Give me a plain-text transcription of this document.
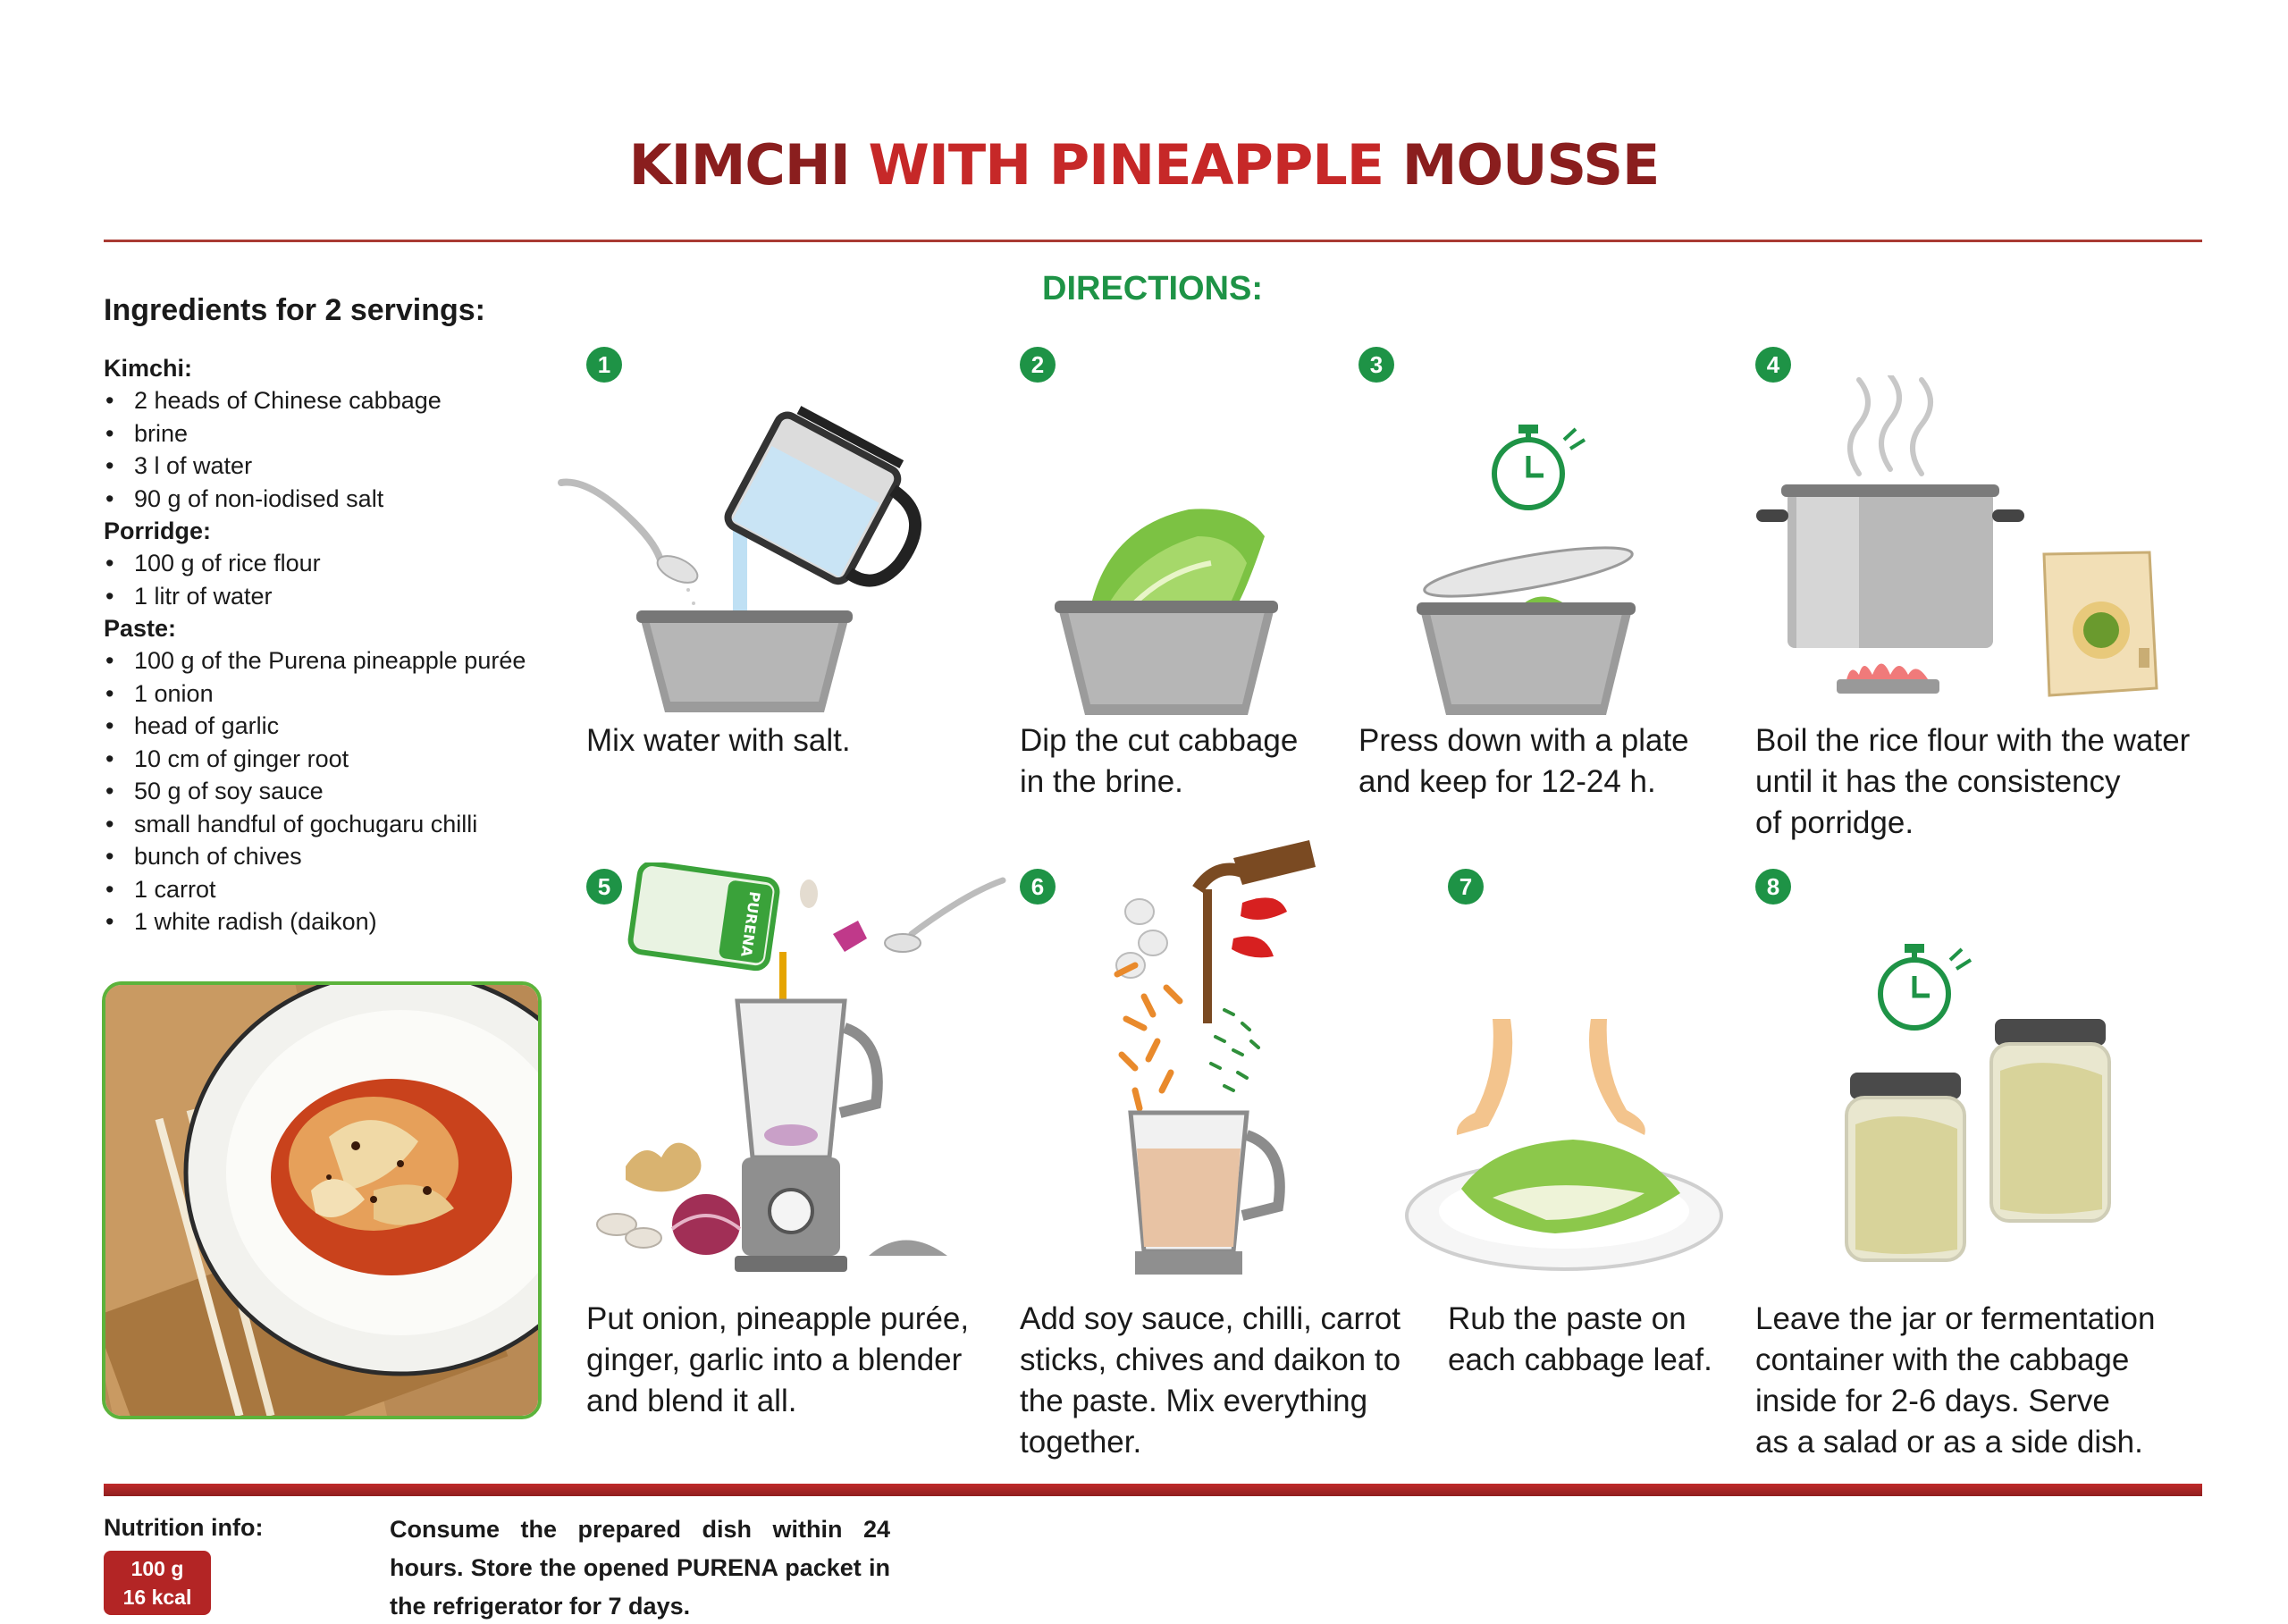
KIMCHI WITH PINEAPPLE MOUSSE
Ingredients for 2 servings:
Kimchi:
• 2 heads of Chinese cabbage
• brine
• 3 l of water
• 90 g of non-iodised salt
Porridge:
• 100 g of rice flour
• 1 litr of water
Paste:
• 100 g of the Purena pineapple purée
• 1 onion
• head of garlic
• 10 cm of ginger root
• 50 g of soy sauce
• small handful of gochugaru chilli
• bunch of chives
• 1 carrot
• 1 white radish (daikon)
DIRECTIONS:
1
Mix water with salt.
2
Dip the cut cabbage
in the brine.
3
Press down with a plate
and keep for 12-24 h.
4
Boil the rice flour with the water
until it has the consistency
of porridge.
5
PURENA
Put onion, pineapple purée,
ginger, garlic into a blender
and blend it all.
6
Add soy sauce, chilli, carrot
sticks, chives and daikon to
the paste. Mix everything
together.
7
Rub the paste on
each cabbage leaf.
8
Leave the jar or fermentation
container with the cabbage
inside for 2-6 days. Serve
as a salad or as a side dish.
Nutrition info:
100 g
16 kcal
Consume the prepared dish within 24 hours. Store the opened PURENA packet in the refrigerator for 7 days.
